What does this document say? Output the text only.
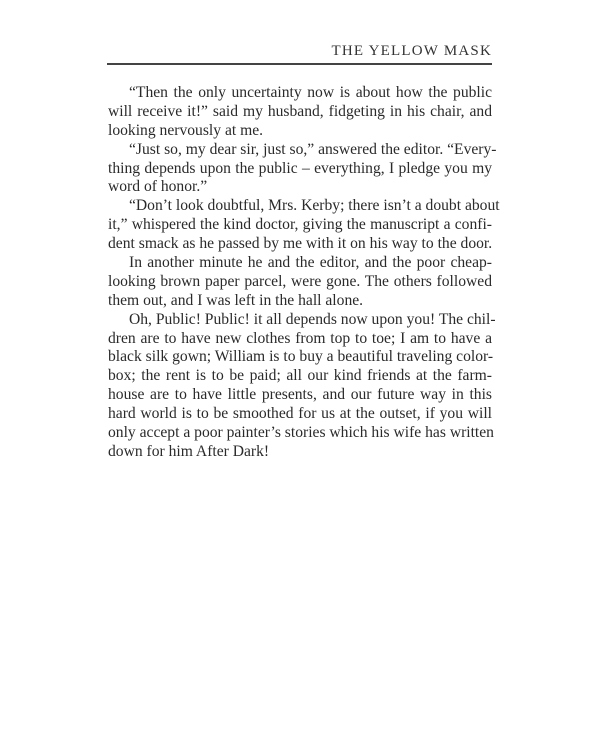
THE YELLOW MASK
“Then the only uncertainty now is about how the public
will receive it!” said my husband, fidgeting in his chair, and
looking nervously at me.
“Just so, my dear sir, just so,” answered the editor. “Every-
thing depends upon the public – everything, I pledge you my
word of honor.”
“Don’t look doubtful, Mrs. Kerby; there isn’t a doubt about
it,” whispered the kind doctor, giving the manuscript a confi-
dent smack as he passed by me with it on his way to the door.
In another minute he and the editor, and the poor cheap-
looking brown paper parcel, were gone. The others followed
them out, and I was left in the hall alone.
Oh, Public! Public! it all depends now upon you! The chil-
dren are to have new clothes from top to toe; I am to have a
black silk gown; William is to buy a beautiful traveling color-
box; the rent is to be paid; all our kind friends at the farm-
house are to have little presents, and our future way in this
hard world is to be smoothed for us at the outset, if you will
only accept a poor painter’s stories which his wife has written
down for him After Dark!
